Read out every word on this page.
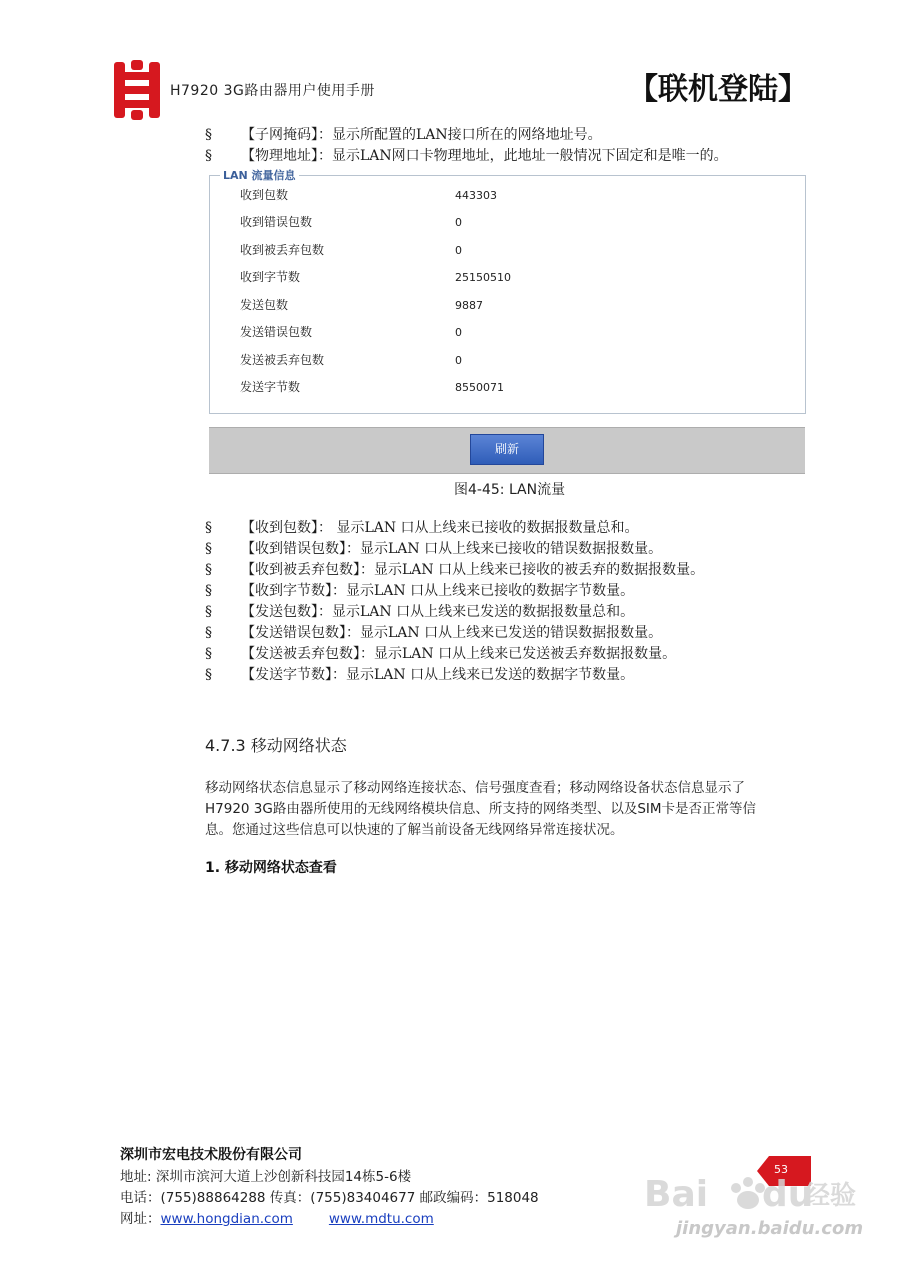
H7920 3G路由器用户使用手册	【联机登陆】
§ 【子网掩码】：显示所配置的LAN接口所在的网络地址号。
§ 【物理地址】：显示LAN网口卡物理地址，此地址一般情况下固定和是唯一的。
LAN 流量信息
收到包数	443303
收到错误包数	0
收到被丢弃包数	0
收到字节数	25150510
发送包数	9887
发送错误包数	0
发送被丢弃包数	0
发送字节数	8550071
刷新
图4-45: LAN流量
§ 【收到包数】： 显示LAN 口从上线来已接收的数据报数量总和。
§ 【收到错误包数】：显示LAN 口从上线来已接收的错误数据报数量。
§ 【收到被丢弃包数】：显示LAN 口从上线来已接收的被丢弃的数据报数量。
§ 【收到字节数】：显示LAN 口从上线来已接收的数据字节数量。
§ 【发送包数】：显示LAN 口从上线来已发送的数据报数量总和。
§ 【发送错误包数】：显示LAN 口从上线来已发送的错误数据报数量。
§ 【发送被丢弃包数】：显示LAN 口从上线来已发送被丢弃数据报数量。
§ 【发送字节数】：显示LAN 口从上线来已发送的数据字节数量。
4.7.3 移动网络状态
移动网络状态信息显示了移动网络连接状态、信号强度查看；移动网络设备状态信息显示了
H7920 3G路由器所使用的无线网络模块信息、所支持的网络类型、以及SIM卡是否正常等信
息。您通过这些信息可以快速的了解当前设备无线网络异常连接状况。
1. 移动网络状态查看
深圳市宏电技术股份有限公司
地址: 深圳市滨河大道上沙创新科技园14栋5-6楼
电话：(755)88864288 传真：(755)83404677 邮政编码：518048
网址：www.hongdian.com	www.mdtu.com
53
Bai du
经验
jingyan.baidu.com
